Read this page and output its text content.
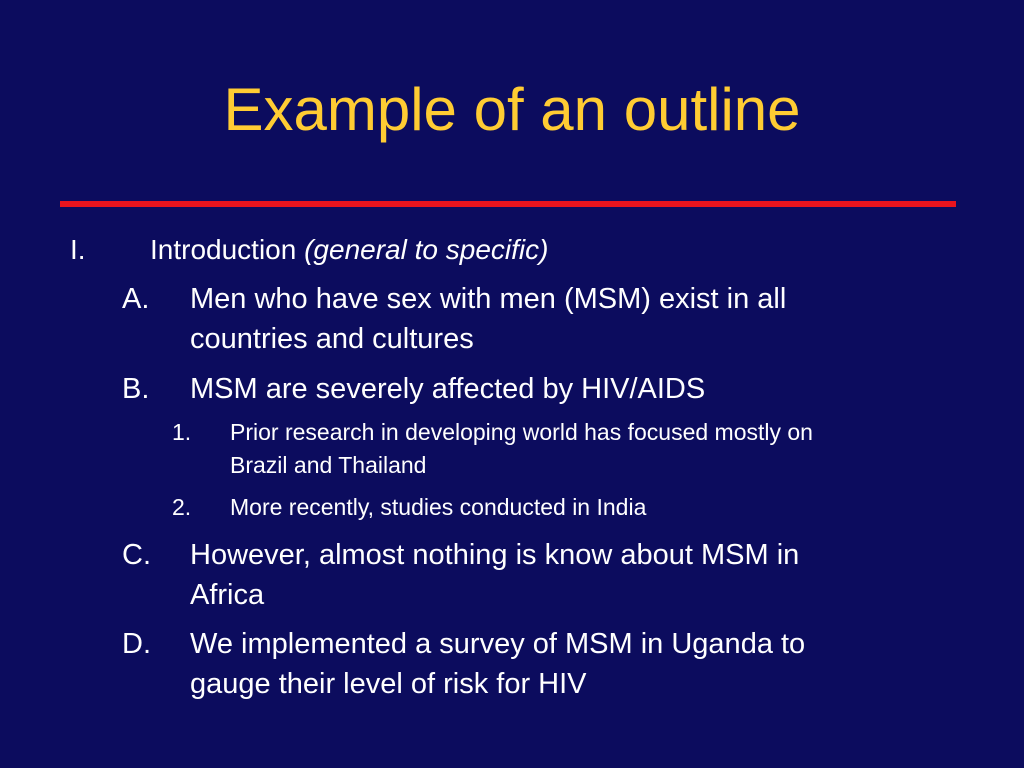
Example of an outline
I. Introduction (general to specific)
A. Men who have sex with men (MSM) exist in all
countries and cultures
B. MSM are severely affected by HIV/AIDS
1. Prior research in developing world has focused mostly on
Brazil and Thailand
2. More recently, studies conducted in India
C. However, almost nothing is know about MSM in
Africa
D. We implemented a survey of MSM in Uganda to
gauge their level of risk for HIV
